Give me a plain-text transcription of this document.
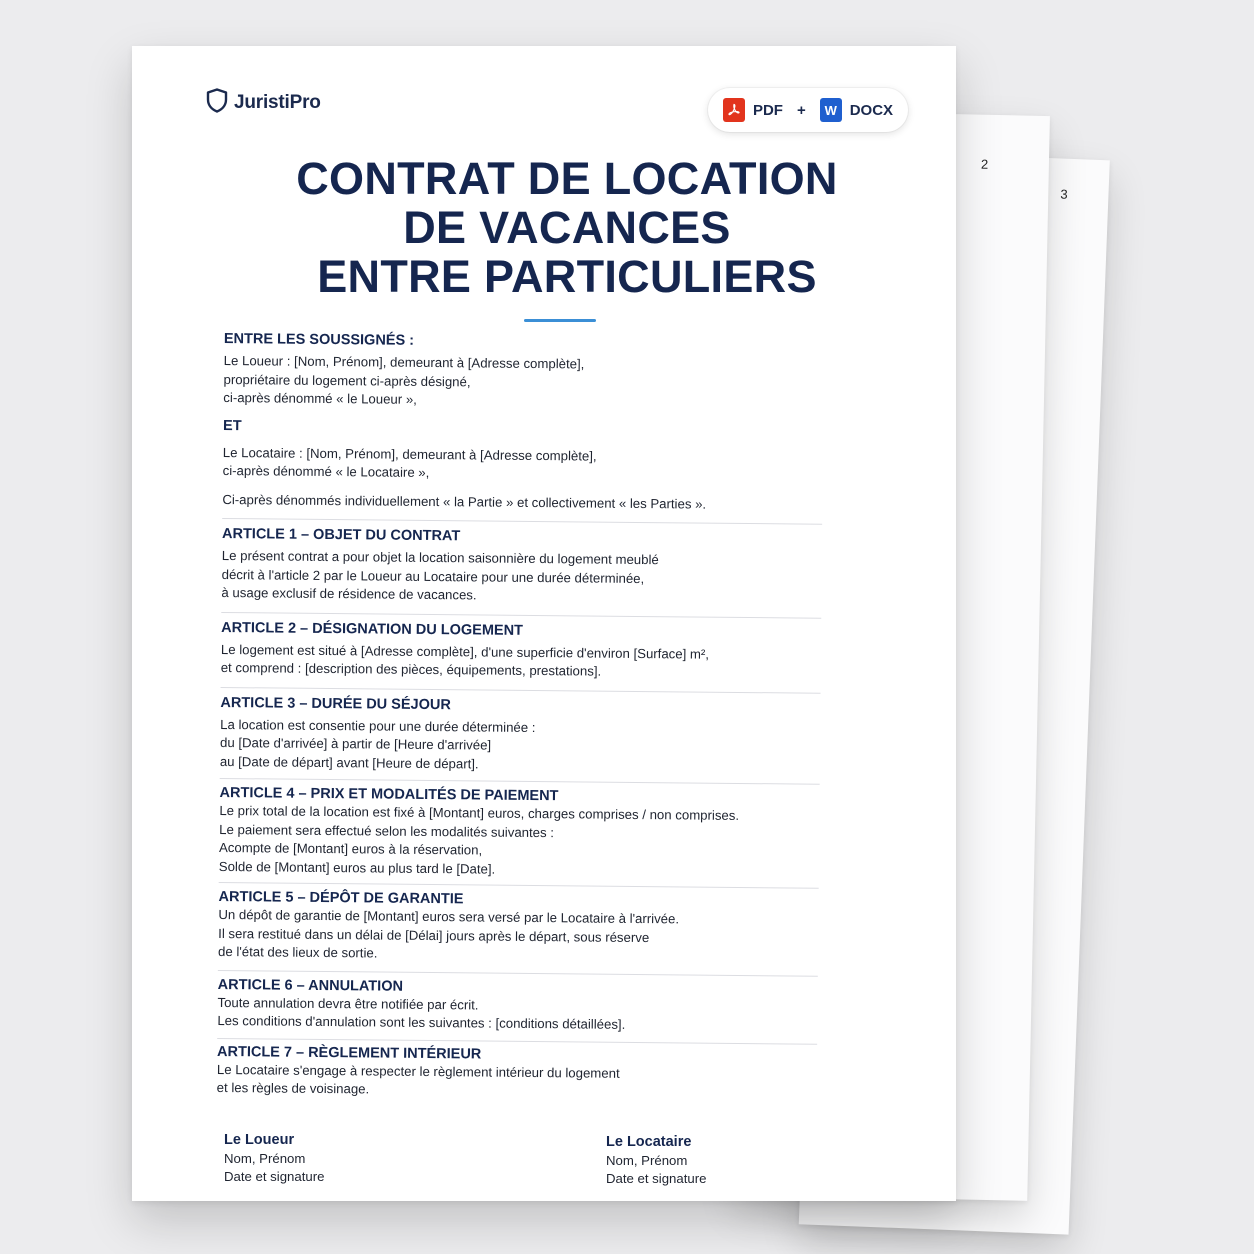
3
2
JuristiPro	PDF +	W DOCX
CONTRAT DE LOCATION
DE VACANCES
ENTRE PARTICULIERS
ENTRE LES SOUSSIGNÉS :
Le Loueur : [Nom, Prénom], demeurant à [Adresse complète],
propriétaire du logement ci-après désigné,
ci-après dénommé « le Loueur »,
ET
Le Locataire : [Nom, Prénom], demeurant à [Adresse complète],
ci-après dénommé « le Locataire »,
Ci-après dénommés individuellement « la Partie » et collectivement « les Parties ».
ARTICLE 1 – OBJET DU CONTRAT
Le présent contrat a pour objet la location saisonnière du logement meublé
décrit à l'article 2 par le Loueur au Locataire pour une durée déterminée,
à usage exclusif de résidence de vacances.
ARTICLE 2 – DÉSIGNATION DU LOGEMENT
Le logement est situé à [Adresse complète], d'une superficie d'environ [Surface] m²,
et comprend : [description des pièces, équipements, prestations].
ARTICLE 3 – DURÉE DU SÉJOUR
La location est consentie pour une durée déterminée :
du [Date d'arrivée] à partir de [Heure d'arrivée]
au [Date de départ] avant [Heure de départ].
ARTICLE 4 – PRIX ET MODALITÉS DE PAIEMENT
Le prix total de la location est fixé à [Montant] euros, charges comprises / non comprises.
Le paiement sera effectué selon les modalités suivantes :
Acompte de [Montant] euros à la réservation,
Solde de [Montant] euros au plus tard le [Date].
ARTICLE 5 – DÉPÔT DE GARANTIE
Un dépôt de garantie de [Montant] euros sera versé par le Locataire à l'arrivée.
Il sera restitué dans un délai de [Délai] jours après le départ, sous réserve
de l'état des lieux de sortie.
ARTICLE 6 – ANNULATION
Toute annulation devra être notifiée par écrit.
Les conditions d'annulation sont les suivantes : [conditions détaillées].
ARTICLE 7 – RÈGLEMENT INTÉRIEUR
Le Locataire s'engage à respecter le règlement intérieur du logement
et les règles de voisinage.
Le Loueur
Nom, Prénom
Date et signature
Le Locataire
Nom, Prénom
Date et signature
